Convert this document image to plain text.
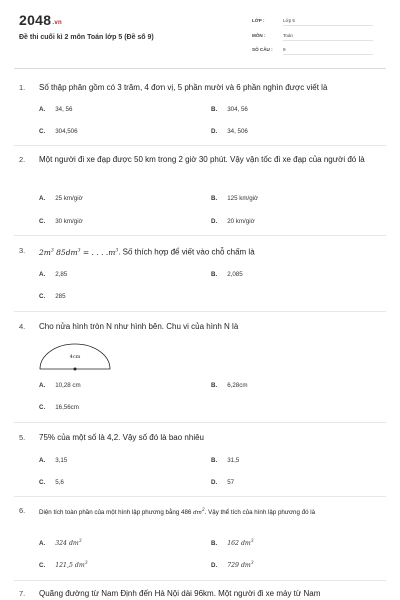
2048.vn
Đề thi cuối kì 2 môn Toán lớp 5 (Đề số 9)
LỚP :	Lớp 5
MÔN :	Toán
SỐ CÂU :	9
1. Số thập phân gồm có 3 trăm, 4 đơn vị, 5 phần mười và 6 phần nghìn được viết là
A. 34, 56	B. 304, 56
C. 304,506	D. 34, 506
2. Một người đi xe đạp được 50 km trong 2 giờ 30 phút. Vậy vận tốc đi xe đạp của người đó là
A. 25 km/giờ	B. 125 km/giờ
C. 30 km/giờ	D. 20 km/giờ
3. $2m^3$ $85dm^3$ = . . . $.m^3$. Số thích hợp để viết vào chỗ chấm là
A. 2,85	B. 2,085
C. 285
4. Cho nửa hình tròn N như hình bên. Chu vi của hình N là
4cm
A. 10,28 cm	B. 6,28cm
C. 16,56cm
5. 75% của một số là 4,2. Vậy số đó là bao nhiêu
A. 3,15	B. 31,5
C. 5,6	D. 57
6. Diện tích toàn phần của một hình lập phương bằng 486 $dm^2$. Vậy thể tích của hình lập phương đó là
A. 324 $dm^3$	B. 162 $dm^3$
C. 121,5 $dm^3$	D. 729 $dm^3$
7. Quãng đường từ Nam Định đến Hà Nội dài 96km. Một người đi xe máy từ Nam
